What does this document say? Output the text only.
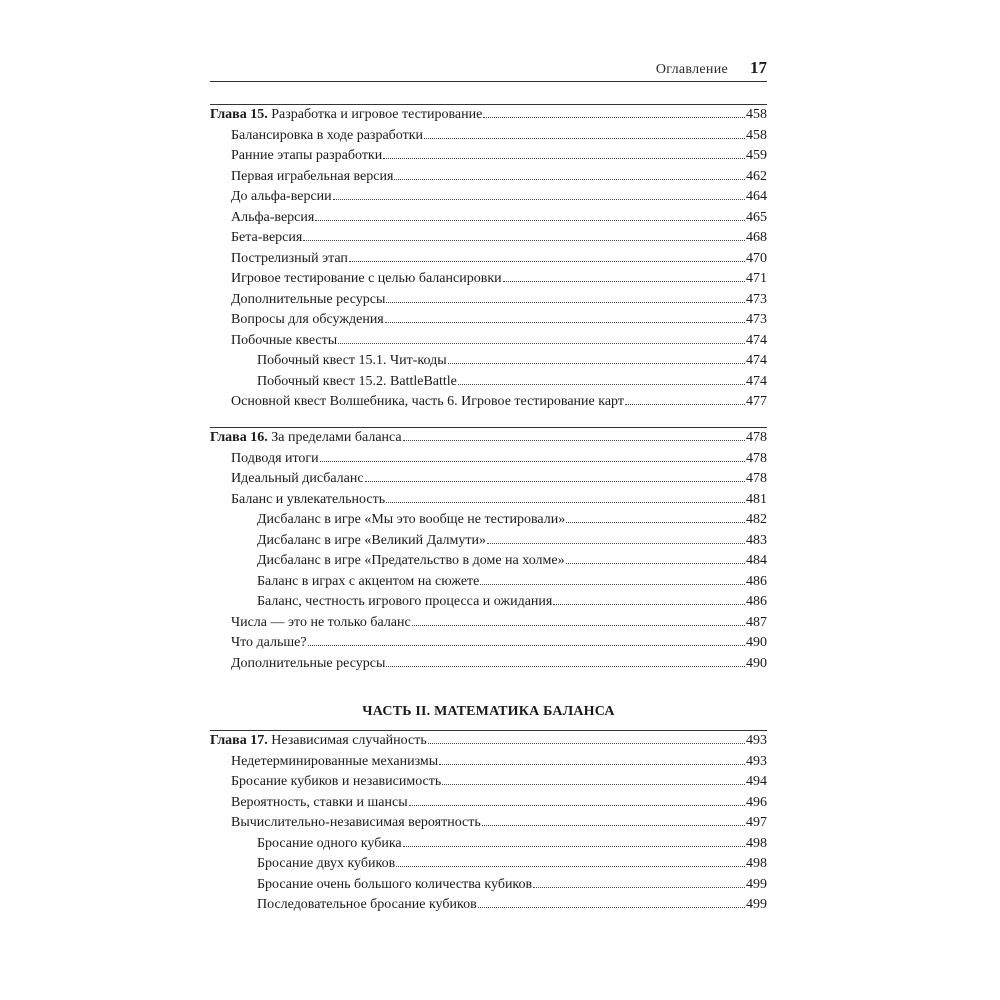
Оглавление 17
Глава 15. Разработка и игровое тестирование	458
Балансировка в ходе разработки	458
Ранние этапы разработки	459
Первая играбельная версия	462
До альфа-версии	464
Альфа-версия	465
Бета-версия	468
Пострелизный этап	470
Игровое тестирование с целью балансировки	471
Дополнительные ресурсы	473
Вопросы для обсуждения	473
Побочные квесты	474
Побочный квест 15.1. Чит-коды	474
Побочный квест 15.2. BattleBattle	474
Основной квест Волшебника, часть 6. Игровое тестирование карт	477
Глава 16. За пределами баланса	478
Подводя итоги	478
Идеальный дисбаланс	478
Баланс и увлекательность	481
Дисбаланс в игре «Мы это вообще не тестировали»	482
Дисбаланс в игре «Великий Далмути»	483
Дисбаланс в игре «Предательство в доме на холме»	484
Баланс в играх с акцентом на сюжете	486
Баланс, честность игрового процесса и ожидания	486
Числа — это не только баланс	487
Что дальше?	490
Дополнительные ресурсы	490
ЧАСТЬ II. МАТЕМАТИКА БАЛАНСА
Глава 17. Независимая случайность	493
Недетерминированные механизмы	493
Бросание кубиков и независимость	494
Вероятность, ставки и шансы	496
Вычислительно-независимая вероятность	497
Бросание одного кубика	498
Бросание двух кубиков	498
Бросание очень большого количества кубиков	499
Последовательное бросание кубиков	499
